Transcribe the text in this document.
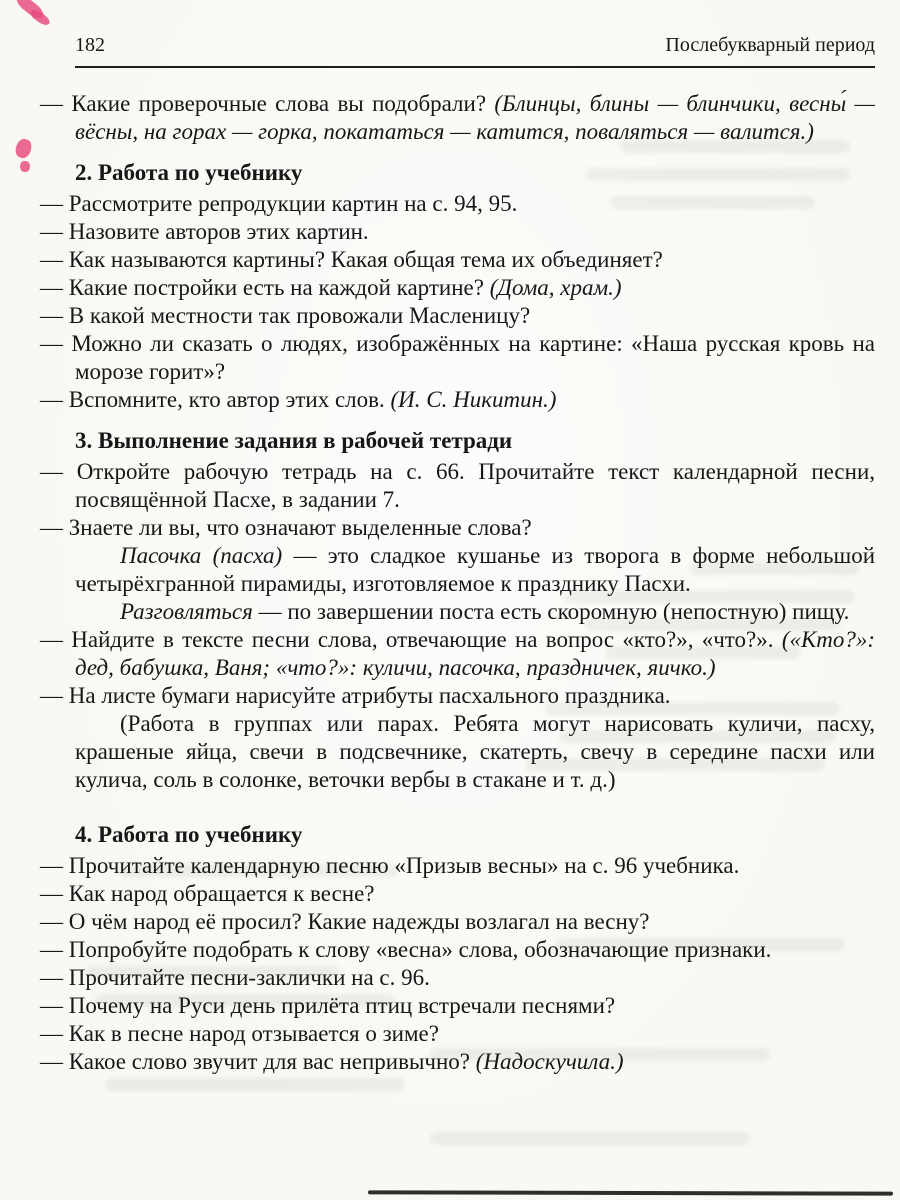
182	Послебукварный период

— Какие проверочные слова вы подобрали? (Блинцы, блины — блинчики, весны́ — вёсны, на горах — горка, покататься — катится, поваляться — валится.)

2. Работа по учебнику

— Рассмотрите репродукции картин на с. 94, 95.

— Назовите авторов этих картин.

— Как называются картины? Какая общая тема их объединяет?

— Какие постройки есть на каждой картине? (Дома, храм.)

— В какой местности так провожали Масленицу?

— Можно ли сказать о людях, изображённых на картине: «Наша русская кровь на морозе горит»?

— Вспомните, кто автор этих слов. (И. С. Никитин.)

3. Выполнение задания в рабочей тетради

— Откройте рабочую тетрадь на с. 66. Прочитайте текст календарной песни, посвящённой Пасхе, в задании 7.

— Знаете ли вы, что означают выделенные слова?

Пасочка (пасха) — это сладкое кушанье из творога в форме небольшой четырёхгранной пирамиды, изготовляемое к празднику Пасхи.

Разговляться — по завершении поста есть скоромную (непостную) пищу.

— Найдите в тексте песни слова, отвечающие на вопрос «кто?», «что?». («Кто?»: дед, бабушка, Ваня; «что?»: куличи, пасочка, праздничек, яичко.)

— На листе бумаги нарисуйте атрибуты пасхального праздника.

(Работа в группах или парах. Ребята могут нарисовать куличи, пасху, крашеные яйца, свечи в подсвечнике, скатерть, свечу в середине пасхи или кулича, соль в солонке, веточки вербы в стакане и т. д.)

4. Работа по учебнику

— Прочитайте календарную песню «Призыв весны» на с. 96 учебника.

— Как народ обращается к весне?

— О чём народ её просил? Какие надежды возлагал на весну?

— Попробуйте подобрать к слову «весна» слова, обозначающие признаки.

— Прочитайте песни-заклички на с. 96.

— Почему на Руси день прилёта птиц встречали песнями?

— Как в песне народ отзывается о зиме?

— Какое слово звучит для вас непривычно? (Надоскучила.)
